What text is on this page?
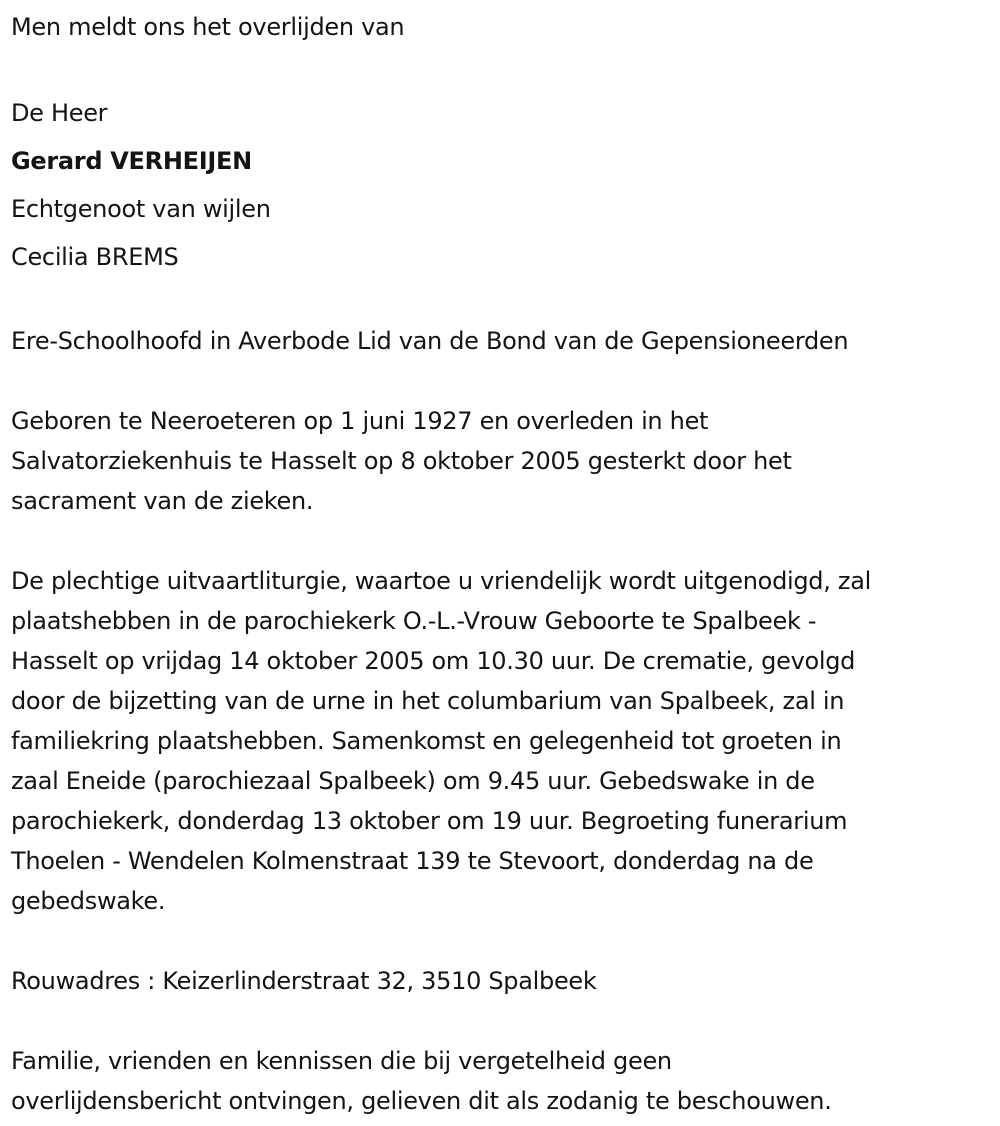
Men meldt ons het overlijden van
De Heer
Gerard VERHEIJEN
Echtgenoot van wijlen
Cecilia BREMS
Ere-Schoolhoofd in Averbode Lid van de Bond van de Gepensioneerden
Geboren te Neeroeteren op 1 juni 1927 en overleden in het
Salvatorziekenhuis te Hasselt op 8 oktober 2005 gesterkt door het
sacrament van de zieken.
De plechtige uitvaartliturgie, waartoe u vriendelijk wordt uitgenodigd, zal
plaatshebben in de parochiekerk O.-L.-Vrouw Geboorte te Spalbeek -
Hasselt op vrijdag 14 oktober 2005 om 10.30 uur. De crematie, gevolgd
door de bijzetting van de urne in het columbarium van Spalbeek, zal in
familiekring plaatshebben. Samenkomst en gelegenheid tot groeten in
zaal Eneide (parochiezaal Spalbeek) om 9.45 uur. Gebedswake in de
parochiekerk, donderdag 13 oktober om 19 uur. Begroeting funerarium
Thoelen - Wendelen Kolmenstraat 139 te Stevoort, donderdag na de
gebedswake.
Rouwadres : Keizerlinderstraat 32, 3510 Spalbeek
Familie, vrienden en kennissen die bij vergetelheid geen
overlijdensbericht ontvingen, gelieven dit als zodanig te beschouwen.
